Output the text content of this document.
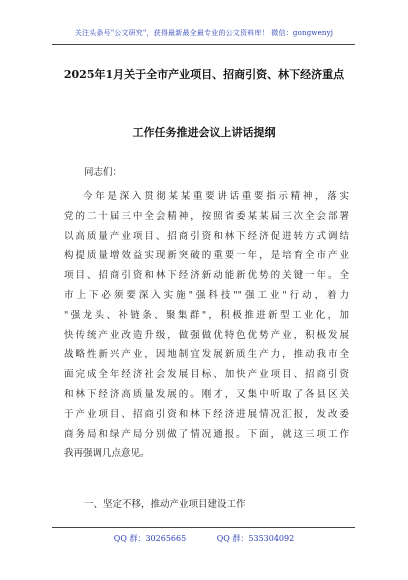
关注头条号"公文研究"，获得最新最全最专业的公文资料库！ 微信：gongwenyj
2025年1月关于全市产业项目、招商引资、林下经济重点
工作任务推进会议上讲话提纲
同志们：
今年是深入贯彻某某重要讲话重要指示精神，落实
党的二十届三中全会精神，按照省委某某届三次全会部署
以高质量产业项目、招商引资和林下经济促进转方式调结
构提质量增效益实现新突破的重要一年，是培育全市产业
项目、招商引资和林下经济新动能新优势的关键一年。全
市上下必须要深入实施"强科技""强工业"行动，着力
"强龙头、补链条、聚集群"，积极推进新型工业化，加
快传统产业改造升级，做强做优特色优势产业，积极发展
战略性新兴产业，因地制宜发展新质生产力，推动我市全
面完成全年经济社会发展目标、加快产业项目、招商引资
和林下经济高质量发展的。刚才，又集中听取了各县区关
于产业项目、招商引资和林下经济进展情况汇报，发改委
商务局和绿产局分别做了情况通报。下面，就这三项工作
我再强调几点意见。
一、坚定不移，推动产业项目建设工作
QQ 群：30265665	QQ 群：535304092
